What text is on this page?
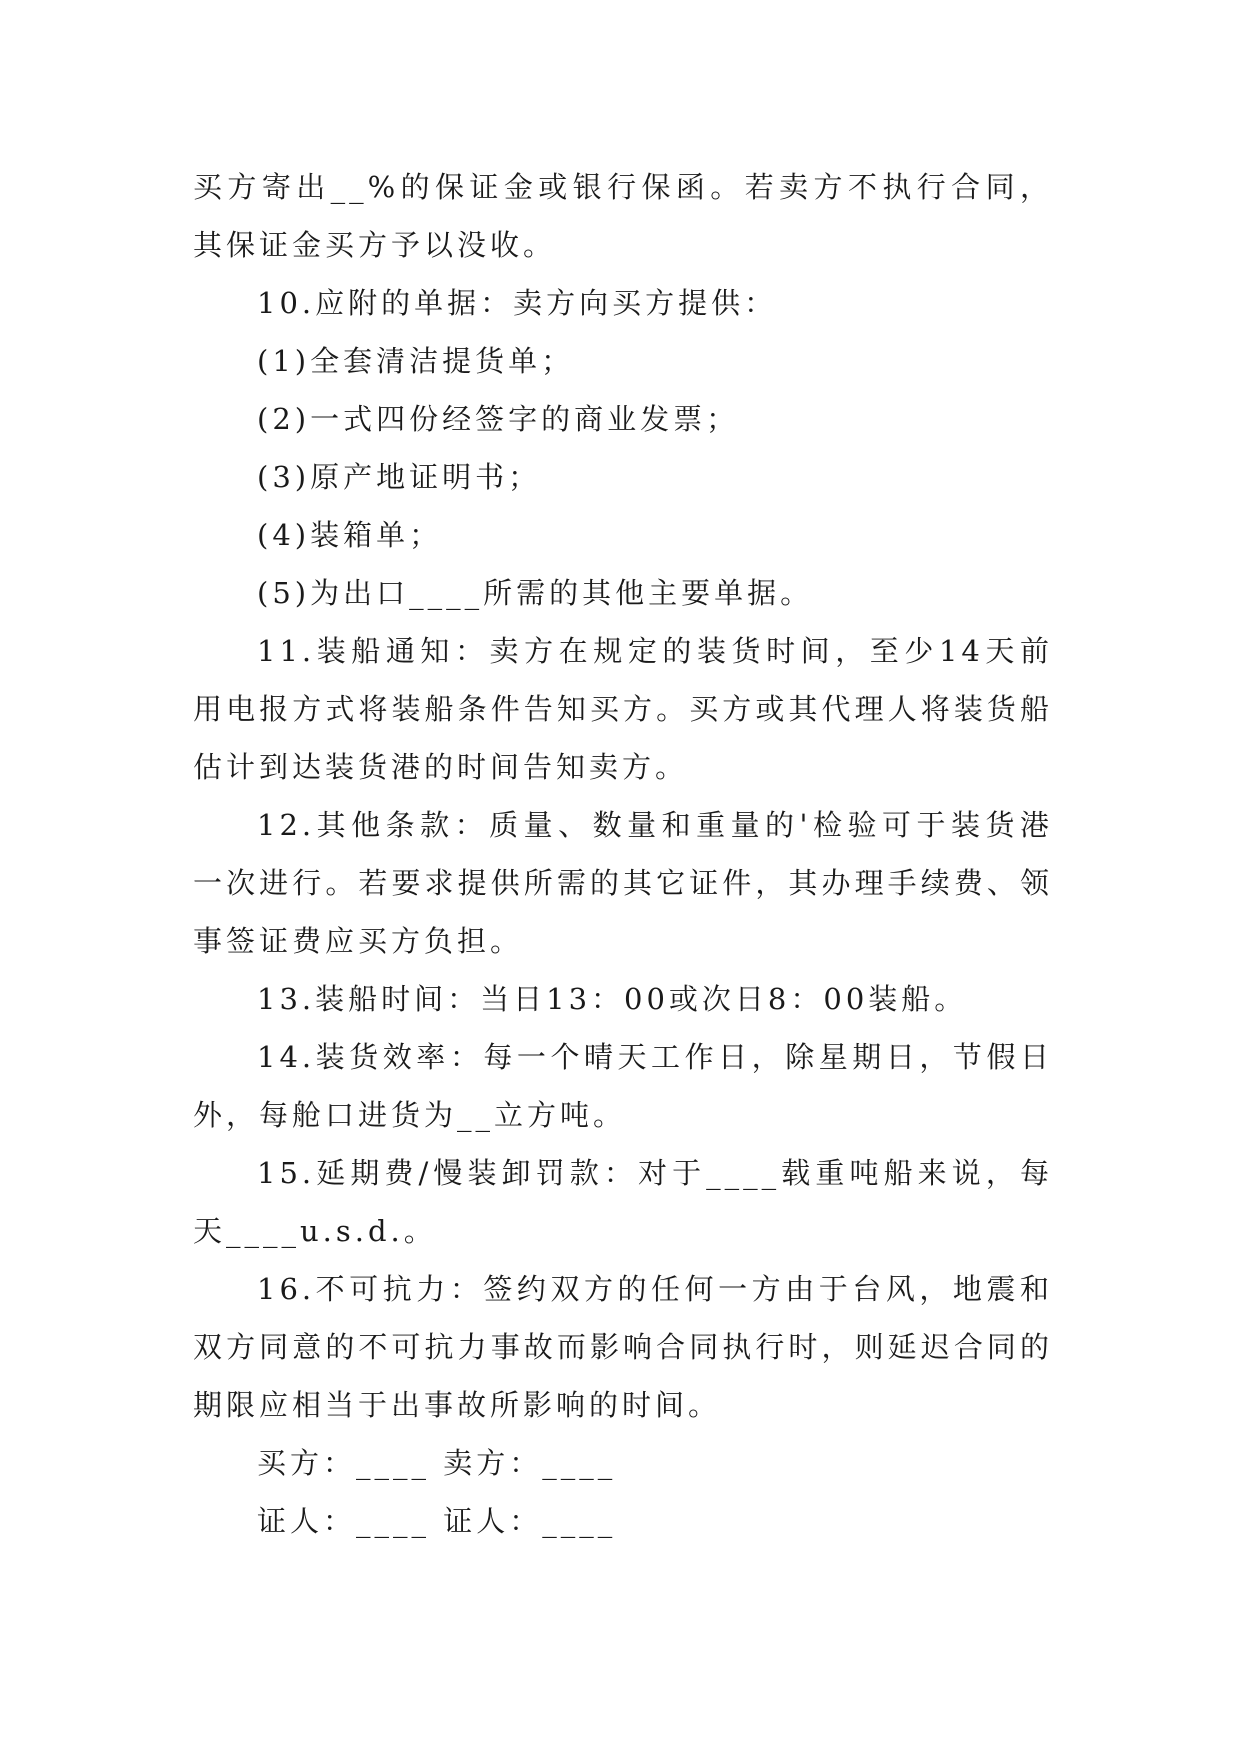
买方寄出__%的保证金或银行保函。若卖方不执行合同，其保证金买方予以没收。

10.应附的单据：卖方向买方提供：

(1)全套清洁提货单；

(2)一式四份经签字的商业发票；

(3)原产地证明书；

(4)装箱单；

(5)为出口____所需的其他主要单据。

11.装船通知：卖方在规定的装货时间，至少14天前用电报方式将装船条件告知买方。买方或其代理人将装货船估计到达装货港的时间告知卖方。

12.其他条款：质量、数量和重量的'检验可于装货港一次进行。若要求提供所需的其它证件，其办理手续费、领事签证费应买方负担。

13.装船时间：当日13：00或次日8：00装船。

14.装货效率：每一个晴天工作日，除星期日，节假日外，每舱口进货为__立方吨。

15.延期费/慢装卸罚款：对于____载重吨船来说，每天____u.s.d.。

16.不可抗力：签约双方的任何一方由于台风，地震和双方同意的不可抗力事故而影响合同执行时，则延迟合同的期限应相当于出事故所影响的时间。

买方：____ 卖方：____

证人：____ 证人：____
